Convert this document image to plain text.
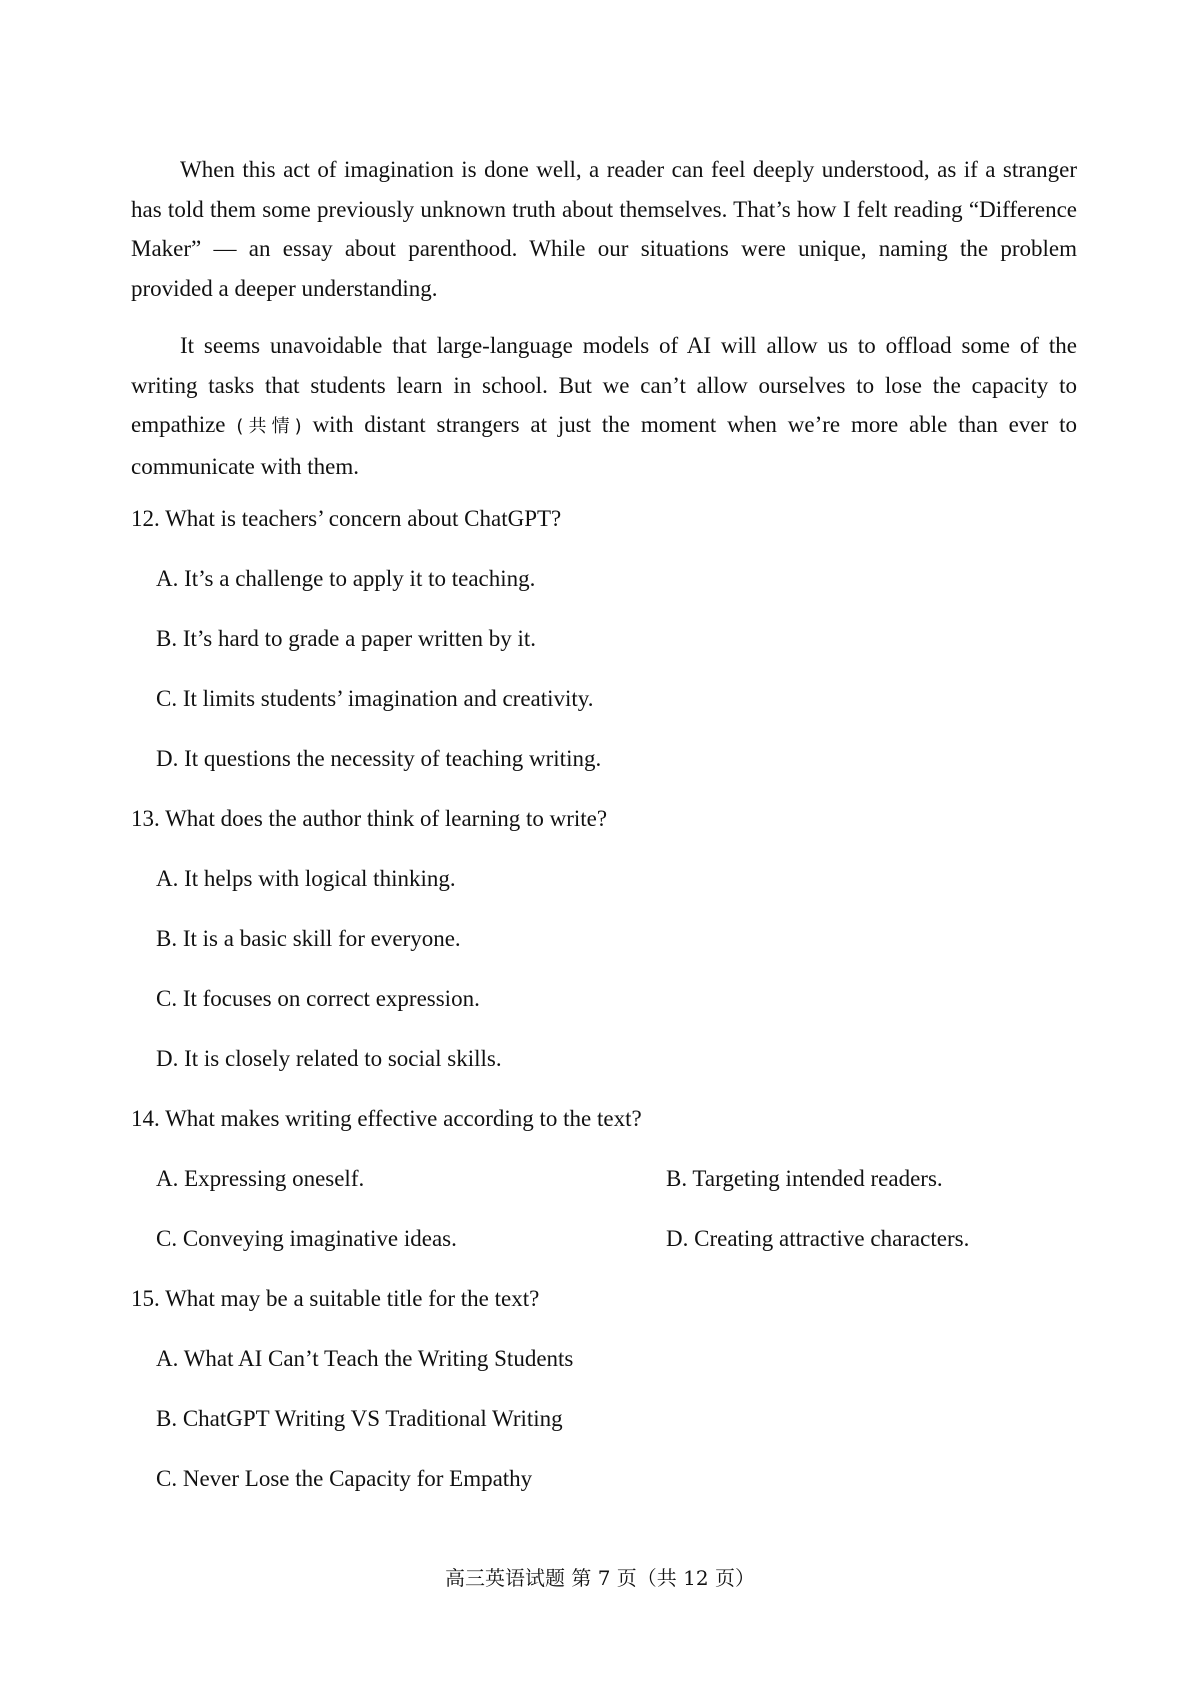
When this act of imagination is done well, a reader can feel deeply understood, as if a stranger has told them some previously unknown truth about themselves. That’s how I felt reading “Difference Maker” — an essay about parenthood. While our situations were unique, naming the problem provided a deeper understanding.

It seems unavoidable that large-language models of AI will allow us to offload some of the writing tasks that students learn in school. But we can’t allow ourselves to lose the capacity to empathize (共情) with distant strangers at just the moment when we’re more able than ever to communicate with them.

12. What is teachers’ concern about ChatGPT?

A. It’s a challenge to apply it to teaching.

B. It’s hard to grade a paper written by it.

C. It limits students’ imagination and creativity.

D. It questions the necessity of teaching writing.

13. What does the author think of learning to write?

A. It helps with logical thinking.

B. It is a basic skill for everyone.

C. It focuses on correct expression.

D. It is closely related to social skills.

14. What makes writing effective according to the text?

A. Expressing oneself.	B. Targeting intended readers.

C. Conveying imaginative ideas.	D. Creating attractive characters.

15. What may be a suitable title for the text?

A. What AI Can’t Teach the Writing Students

B. ChatGPT Writing VS Traditional Writing

C. Never Lose the Capacity for Empathy

高三英语试题 第 7 页（共 12 页）
